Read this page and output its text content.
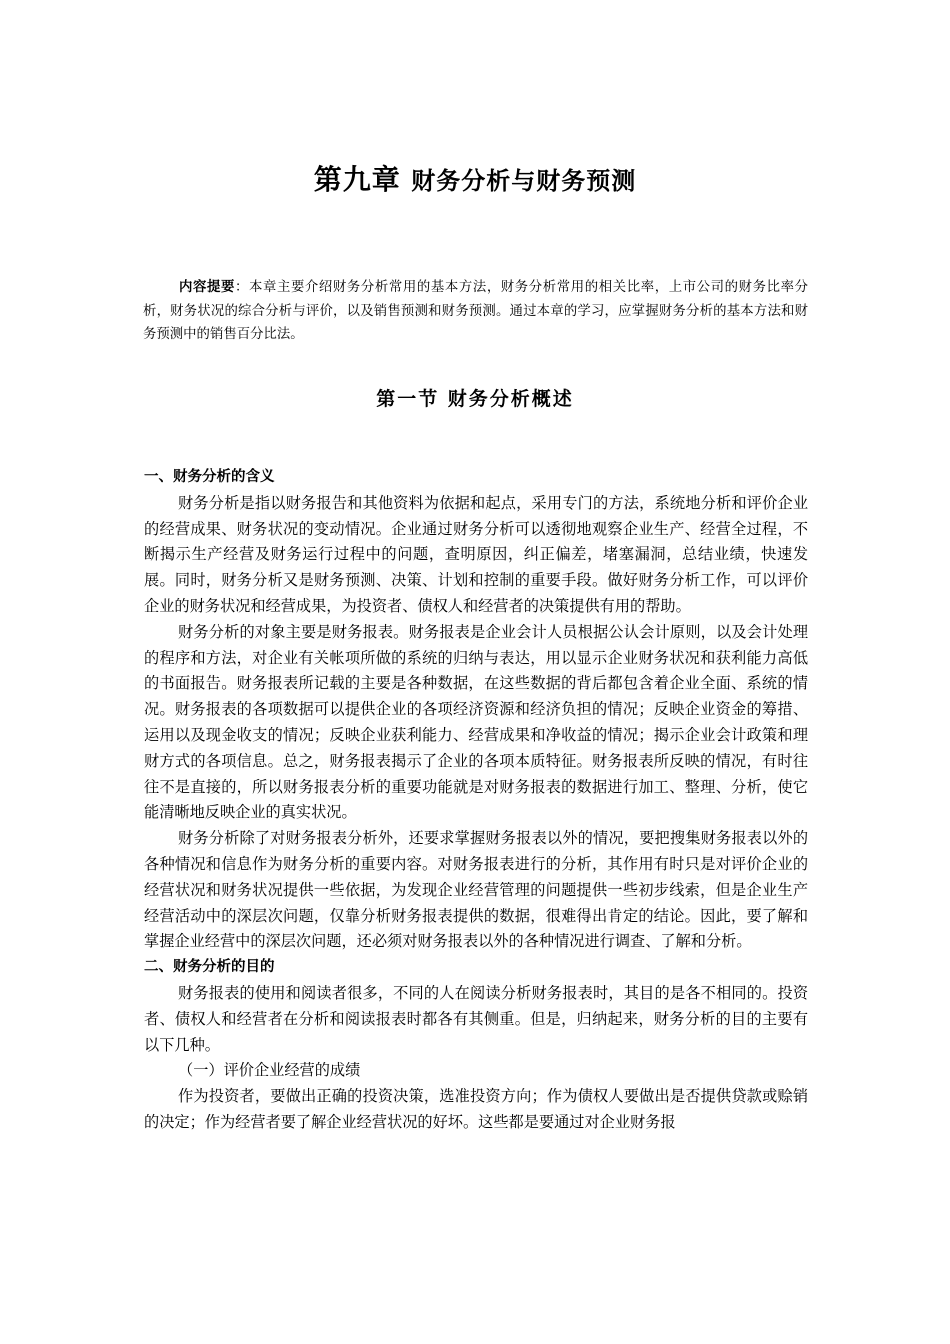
第九章 财务分析与财务预测

内容提要：本章主要介绍财务分析常用的基本方法，财务分析常用的相关比率，上市公司的财务比率分析，财务状况的综合分析与评价，以及销售预测和财务预测。通过本章的学习，应掌握财务分析的基本方法和财务预测中的销售百分比法。

第一节 财务分析概述
一、财务分析的含义

财务分析是指以财务报告和其他资料为依据和起点，采用专门的方法，系统地分析和评价企业的经营成果、财务状况的变动情况。企业通过财务分析可以透彻地观察企业生产、经营全过程，不断揭示生产经营及财务运行过程中的问题，查明原因，纠正偏差，堵塞漏洞，总结业绩，快速发展。同时，财务分析又是财务预测、决策、计划和控制的重要手段。做好财务分析工作，可以评价企业的财务状况和经营成果，为投资者、债权人和经营者的决策提供有用的帮助。

财务分析的对象主要是财务报表。财务报表是企业会计人员根据公认会计原则，以及会计处理的程序和方法，对企业有关帐项所做的系统的归纳与表达，用以显示企业财务状况和获利能力高低的书面报告。财务报表所记载的主要是各种数据，在这些数据的背后都包含着企业全面、系统的情况。财务报表的各项数据可以提供企业的各项经济资源和经济负担的情况；反映企业资金的筹措、运用以及现金收支的情况；反映企业获利能力、经营成果和净收益的情况；揭示企业会计政策和理财方式的各项信息。总之，财务报表揭示了企业的各项本质特征。财务报表所反映的情况，有时往往不是直接的，所以财务报表分析的重要功能就是对财务报表的数据进行加工、整理、分析，使它能清晰地反映企业的真实状况。

财务分析除了对财务报表分析外，还要求掌握财务报表以外的情况，要把搜集财务报表以外的各种情况和信息作为财务分析的重要内容。对财务报表进行的分析，其作用有时只是对评价企业的经营状况和财务状况提供一些依据，为发现企业经营管理的问题提供一些初步线索，但是企业生产经营活动中的深层次问题，仅靠分析财务报表提供的数据，很难得出肯定的结论。因此，要了解和掌握企业经营中的深层次问题，还必须对财务报表以外的各种情况进行调查、了解和分析。

二、财务分析的目的

财务报表的使用和阅读者很多，不同的人在阅读分析财务报表时，其目的是各不相同的。投资者、债权人和经营者在分析和阅读报表时都各有其侧重。但是，归纳起来，财务分析的目的主要有以下几种。

（一）评价企业经营的成绩

作为投资者，要做出正确的投资决策，选准投资方向；作为债权人要做出是否提供贷款或赊销的决定；作为经营者要了解企业经营状况的好坏。这些都是要通过对企业财务报
